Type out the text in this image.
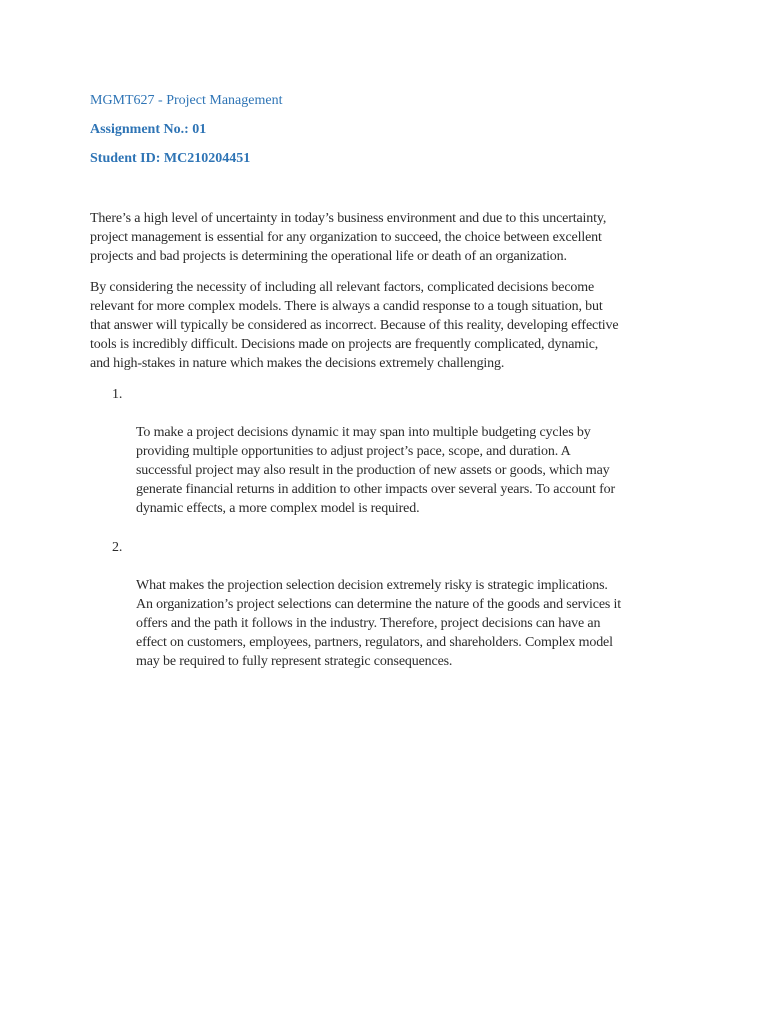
MGMT627 - Project Management
Assignment No.: 01
Student ID: MC210204451

There’s a high level of uncertainty in today’s business environment and due to this uncertainty,
project management is essential for any organization to succeed, the choice between excellent
projects and bad projects is determining the operational life or death of an organization.

By considering the necessity of including all relevant factors, complicated decisions become
relevant for more complex models. There is always a candid response to a tough situation, but
that answer will typically be considered as incorrect. Because of this reality, developing effective
tools is incredibly difficult. Decisions made on projects are frequently complicated, dynamic,
and high-stakes in nature which makes the decisions extremely challenging.

1.

To make a project decisions dynamic it may span into multiple budgeting cycles by
providing multiple opportunities to adjust project’s pace, scope, and duration. A
successful project may also result in the production of new assets or goods, which may
generate financial returns in addition to other impacts over several years. To account for
dynamic effects, a more complex model is required.

2.

What makes the projection selection decision extremely risky is strategic implications.
An organization’s project selections can determine the nature of the goods and services it
offers and the path it follows in the industry. Therefore, project decisions can have an
effect on customers, employees, partners, regulators, and shareholders. Complex model
may be required to fully represent strategic consequences.
